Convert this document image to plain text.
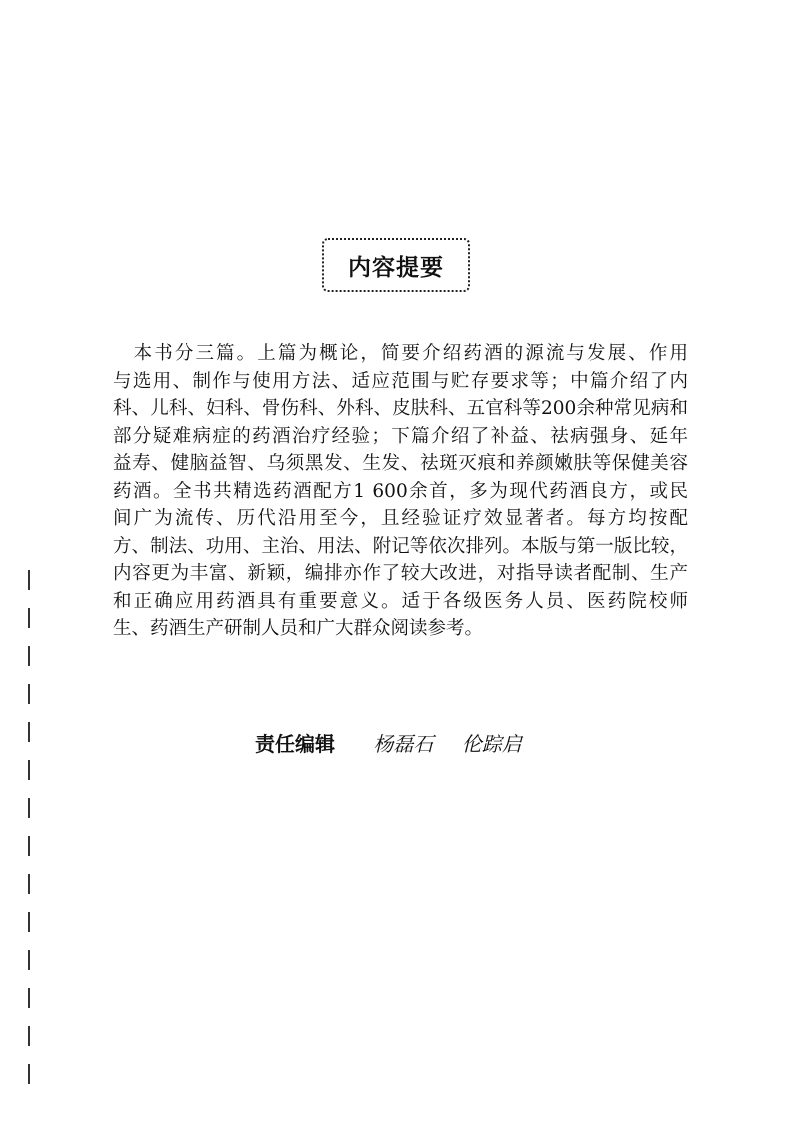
内容提要
　本书分三篇。上篇为概论，简要介绍药酒的源流与发展、作用
与选用、制作与使用方法、适应范围与贮存要求等；中篇介绍了内
科、儿科、妇科、骨伤科、外科、皮肤科、五官科等200余种常见病和
部分疑难病症的药酒治疗经验；下篇介绍了补益、祛病强身、延年
益寿、健脑益智、乌须黑发、生发、祛斑灭痕和养颜嫩肤等保健美容
药酒。全书共精选药酒配方1 600余首，多为现代药酒良方，或民
间广为流传、历代沿用至今，且经验证疗效显著者。每方均按配
方、制法、功用、主治、用法、附记等依次排列。本版与第一版比较，
内容更为丰富、新颖，编排亦作了较大改进，对指导读者配制、生产
和正确应用药酒具有重要意义。适于各级医务人员、医药院校师
生、药酒生产研制人员和广大群众阅读参考。
责任编辑 杨磊石 伦踪启
